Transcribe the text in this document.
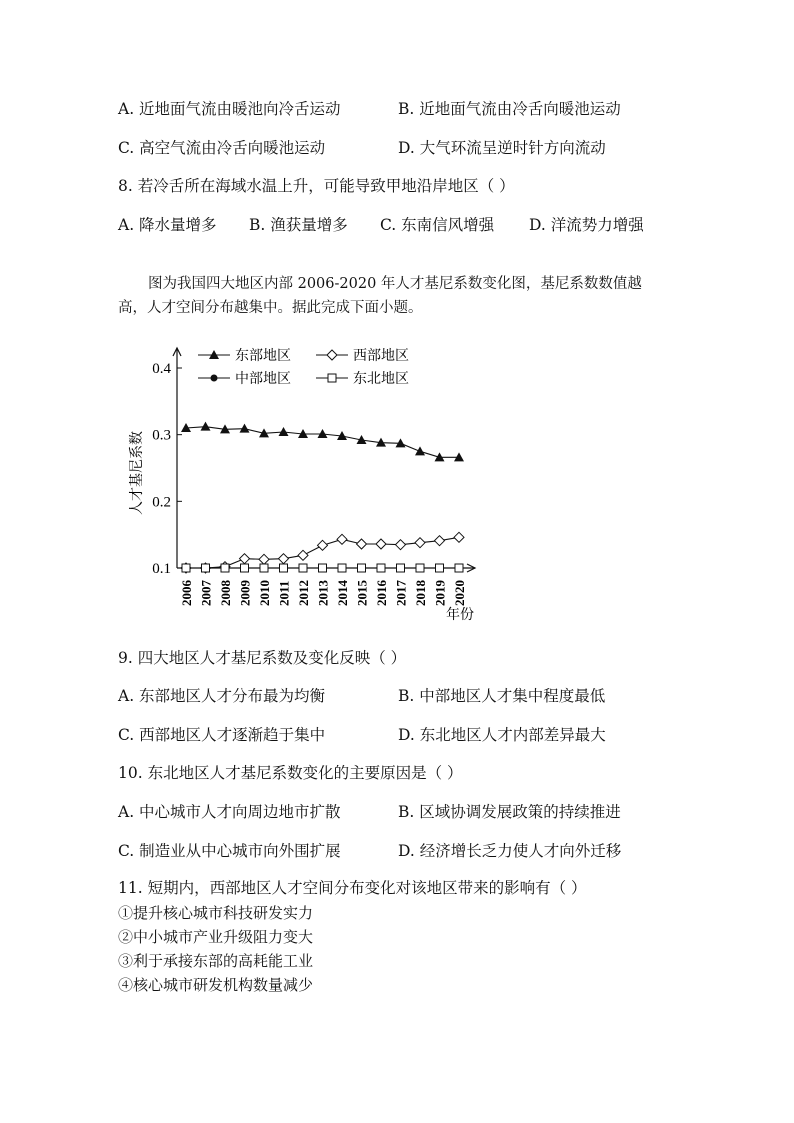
A. 近地面气流由暖池向冷舌运动	B. 近地面气流由冷舌向暖池运动
C. 高空气流由冷舌向暖池运动	D. 大气环流呈逆时针方向流动
8. 若冷舌所在海域水温上升，可能导致甲地沿岸地区（ ）
A. 降水量增多 B. 渔获量增多 C. 东南信风增强 D. 洋流势力增强
图为我国四大地区内部 2006-2020 年人才基尼系数变化图，基尼系数数值越
高，人才空间分布越集中。据此完成下面小题。
0.1
0.2
0.3
0.4
2006 2007 2008 2009 2010 2011 2012 2013 2014 2015 2016 2017 2018 2019 2020
人才基尼系数
年份
东部地区	西部地区
中部地区	东北地区
9. 四大地区人才基尼系数及变化反映（ ）
A. 东部地区人才分布最为均衡	B. 中部地区人才集中程度最低
C. 西部地区人才逐渐趋于集中	D. 东北地区人才内部差异最大
10. 东北地区人才基尼系数变化的主要原因是（ ）
A. 中心城市人才向周边地市扩散	B. 区域协调发展政策的持续推进
C. 制造业从中心城市向外围扩展	D. 经济增长乏力使人才向外迁移
11. 短期内，西部地区人才空间分布变化对该地区带来的影响有（ ）
①提升核心城市科技研发实力
②中小城市产业升级阻力变大
③利于承接东部的高耗能工业
④核心城市研发机构数量减少
